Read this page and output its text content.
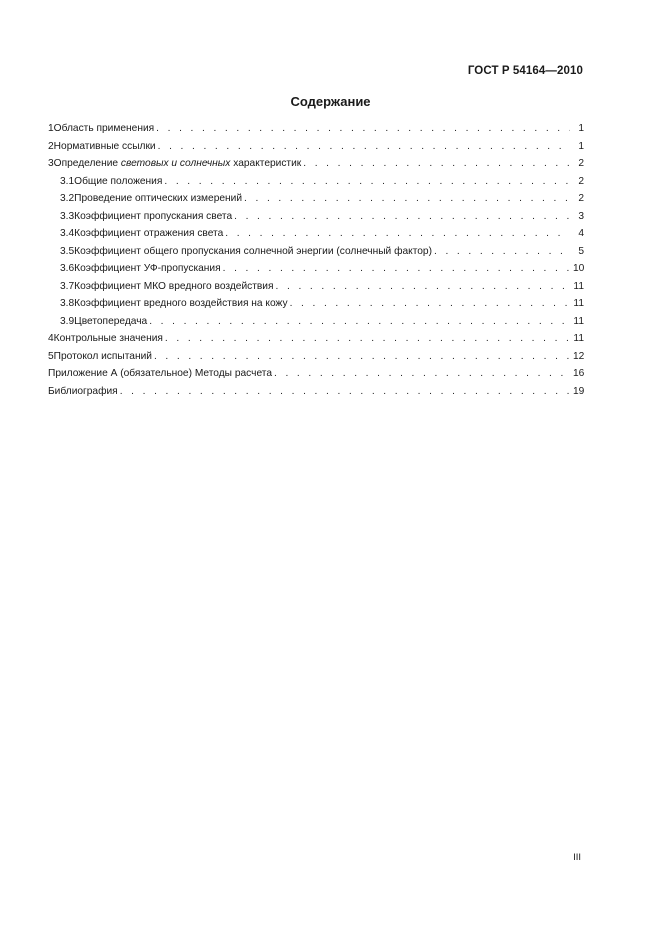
ГОСТ Р 54164—2010
Содержание
1 Область применения . . .	1
2 Нормативные ссылки . . .	1
3 Определение световых и солнечных характеристик . . .	2
3.1 Общие положения . . .	2
3.2 Проведение оптических измерений . . .	2
3.3 Коэффициент пропускания света . . .	3
3.4 Коэффициент отражения света . . .	4
3.5 Коэффициент общего пропускания солнечной энергии (солнечный фактор) . . .	5
3.6 Коэффициент УФ-пропускания . . .	10
3.7 Коэффициент МКО вредного воздействия . . .	11
3.8 Коэффициент вредного воздействия на кожу . . .	11
3.9 Цветопередача . . .	11
4 Контрольные значения . . .	11
5 Протокол испытаний . . .	12
Приложение А (обязательное) Методы расчета . . .	16
Библиография . . .	19
III
